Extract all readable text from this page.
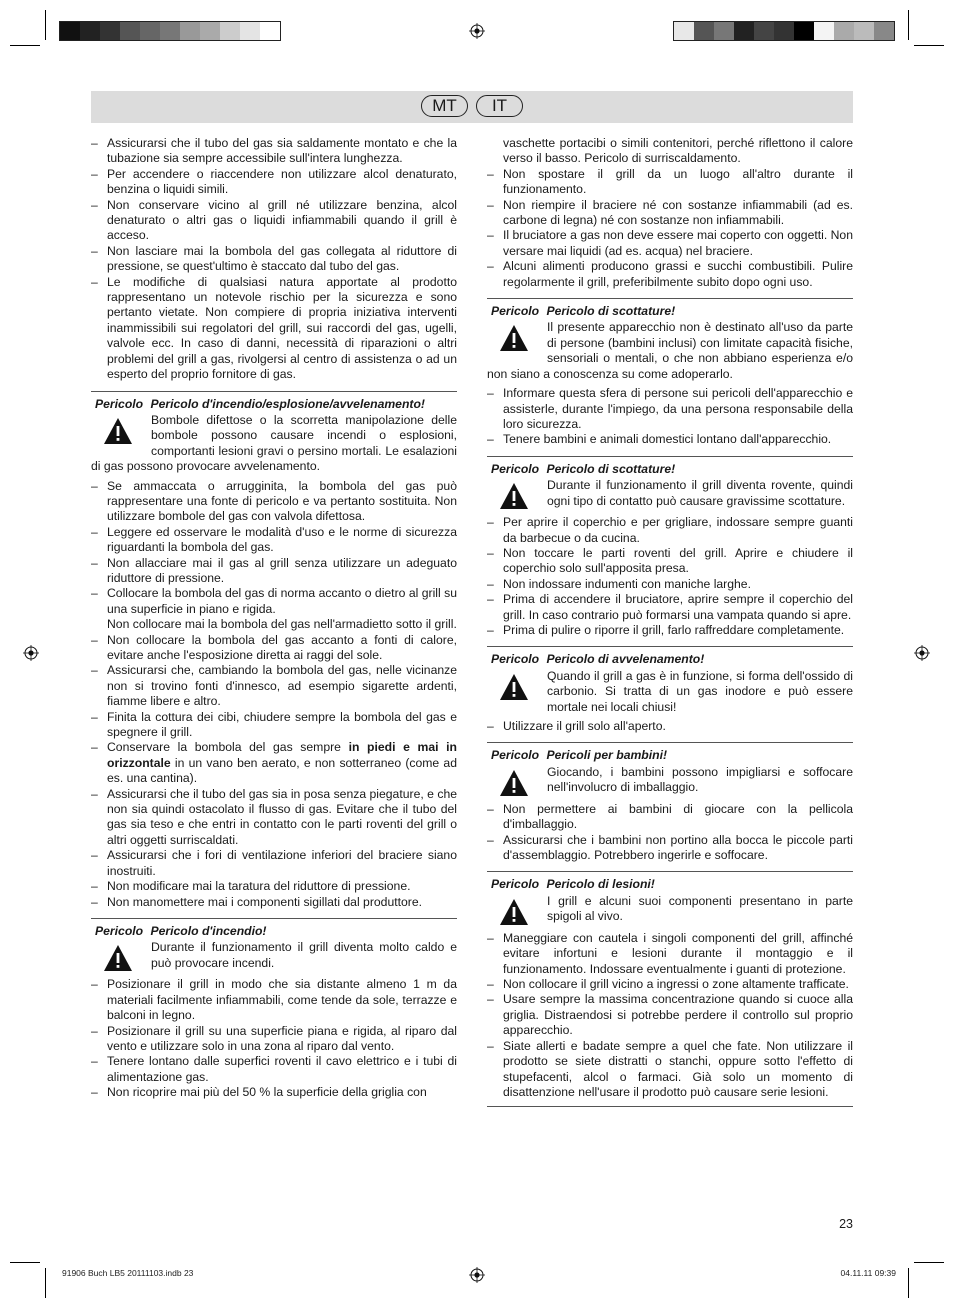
MT	IT

– Assicurarsi che il tubo del gas sia saldamente montato e che la tubazione sia sempre accessibile sull'intera lunghezza.

– Per accendere o riaccendere non utilizzare alcol denaturato, benzina o liquidi simili.

– Non conservare vicino al grill né utilizzare benzina, alcol denaturato o altri gas o liquidi infiammabili quando il grill è acceso.

– Non lasciare mai la bombola del gas collegata al riduttore di pressione, se quest'ultimo è staccato dal tubo del gas.

– Le modifiche di qualsiasi natura apportate al prodotto rappresentano un notevole rischio per la sicurezza e sono pertanto vietate. Non compiere di propria iniziativa interventi inammissibili sui regolatori del grill, sui raccordi del gas, ugelli, valvole ecc. In caso di danni, necessità di riparazioni o altri problemi del grill a gas, rivolgersi al centro di assistenza o ad un esperto del proprio fornitore di gas.

Pericolo Pericolo d'incendio/esplosione/avvelenamento!
Bombole difettose o la scorretta manipolazione delle bombole possono causare incendi o esplosioni, comportanti lesioni gravi o persino mortali. Le esalazioni di gas possono provocare avvelenamento.

– Se ammaccata o arrugginita, la bombola del gas può rappresentare una fonte di pericolo e va pertanto sostituita. Non utilizzare bombole del gas con valvola difettosa.

– Leggere ed osservare le modalità d'uso e le norme di sicurezza riguardanti la bombola del gas.

– Non allacciare mai il gas al grill senza utilizzare un adeguato riduttore di pressione.

– Collocare la bombola del gas di norma accanto o dietro al grill su una superficie in piano e rigida.

Non collocare mai la bombola del gas nell'armadietto sotto il grill.

– Non collocare la bombola del gas accanto a fonti di calore, evitare anche l'esposizione diretta ai raggi del sole.

– Assicurarsi che, cambiando la bombola del gas, nelle vicinanze non si trovino fonti d'innesco, ad esempio sigarette ardenti, fiamme libere e altro.

– Finita la cottura dei cibi, chiudere sempre la bombola del gas e spegnere il grill.

– Conservare la bombola del gas sempre in piedi e mai in orizzontale in un vano ben aerato, e non sotterraneo (come ad es. una cantina).

– Assicurarsi che il tubo del gas sia in posa senza piegature, e che non sia quindi ostacolato il flusso di gas. Evitare che il tubo del gas sia teso e che entri in contatto con le parti roventi del grill o altri oggetti surriscaldati.

– Assicurarsi che i fori di ventilazione inferiori del braciere siano inostruiti.

– Non modificare mai la taratura del riduttore di pressione.

– Non manomettere mai i componenti sigillati dal produttore.

Pericolo Pericolo d'incendio!
Durante il funzionamento il grill diventa molto caldo e può provocare incendi.

– Posizionare il grill in modo che sia distante almeno 1 m da materiali facilmente infiammabili, come tende da sole, terrazze e balconi in legno.

– Posizionare il grill su una superficie piana e rigida, al riparo dal vento e utilizzare solo in una zona al riparo dal vento.

– Tenere lontano dalle superfici roventi il cavo elettrico e i tubi di alimentazione gas.

– Non ricoprire mai più del 50 % la superficie della griglia con

vaschette portacibi o simili contenitori, perché riflettono il calore verso il basso. Pericolo di surriscaldamento.

– Non spostare il grill da un luogo all'altro durante il funzionamento.

– Non riempire il braciere né con sostanze infiammabili (ad es. carbone di legna) né con sostanze non infiammabili.

– Il bruciatore a gas non deve essere mai coperto con oggetti. Non versare mai liquidi (ad es. acqua) nel braciere.

– Alcuni alimenti producono grassi e succhi combustibili. Pulire regolarmente il grill, preferibilmente subito dopo ogni uso.

Pericolo Pericolo di scottature!
Il presente apparecchio non è destinato all'uso da parte di persone (bambini inclusi) con limitate capacità fisiche, sensoriali o mentali, o che non abbiano esperienza e/o non siano a conoscenza su come adoperarlo.

– Informare questa sfera di persone sui pericoli dell'apparecchio e assisterle, durante l'impiego, da una persona responsabile della loro sicurezza.

– Tenere bambini e animali domestici lontano dall'apparecchio.

Pericolo Pericolo di scottature!
Durante il funzionamento il grill diventa rovente, quindi ogni tipo di contatto può causare gravissime scottature.

– Per aprire il coperchio e per grigliare, indossare sempre guanti da barbecue o da cucina.

– Non toccare le parti roventi del grill. Aprire e chiudere il coperchio solo sull'apposita presa.

– Non indossare indumenti con maniche larghe.

– Prima di accendere il bruciatore, aprire sempre il coperchio del grill. In caso contrario può formarsi una vampata quando si apre.

– Prima di pulire o riporre il grill, farlo raffreddare completamente.

Pericolo Pericolo di avvelenamento!
Quando il grill a gas è in funzione, si forma dell'ossido di carbonio. Si tratta di un gas inodore e può essere mortale nei locali chiusi!

– Utilizzare il grill solo all'aperto.

Pericolo Pericoli per bambini!
Giocando, i bambini possono impigliarsi e soffocare nell'involucro di imballaggio.

– Non permettere ai bambini di giocare con la pellicola d'imballaggio.

– Assicurarsi che i bambini non portino alla bocca le piccole parti d'assemblaggio. Potrebbero ingerirle e soffocare.

Pericolo Pericolo di lesioni!
I grill e alcuni suoi componenti presentano in parte spigoli al vivo.

– Maneggiare con cautela i singoli componenti del grill, affinché evitare infortuni e lesioni durante il montaggio e il funzionamento. Indossare eventualmente i guanti di protezione.

– Non collocare il grill vicino a ingressi o zone altamente trafficate.

– Usare sempre la massima concentrazione quando si cuoce alla griglia. Distraendosi si potrebbe perdere il controllo sul proprio apparecchio.

– Siate allerti e badate sempre a quel che fate. Non utilizzare il prodotto se siete distratti o stanchi, oppure sotto l'effetto di stupefacenti, alcol o farmaci. Già solo un momento di disattenzione nell'usare il prodotto può causare serie lesioni.

23
91906 Buch LB5 20111103.indb 23	04.11.11 09:39
